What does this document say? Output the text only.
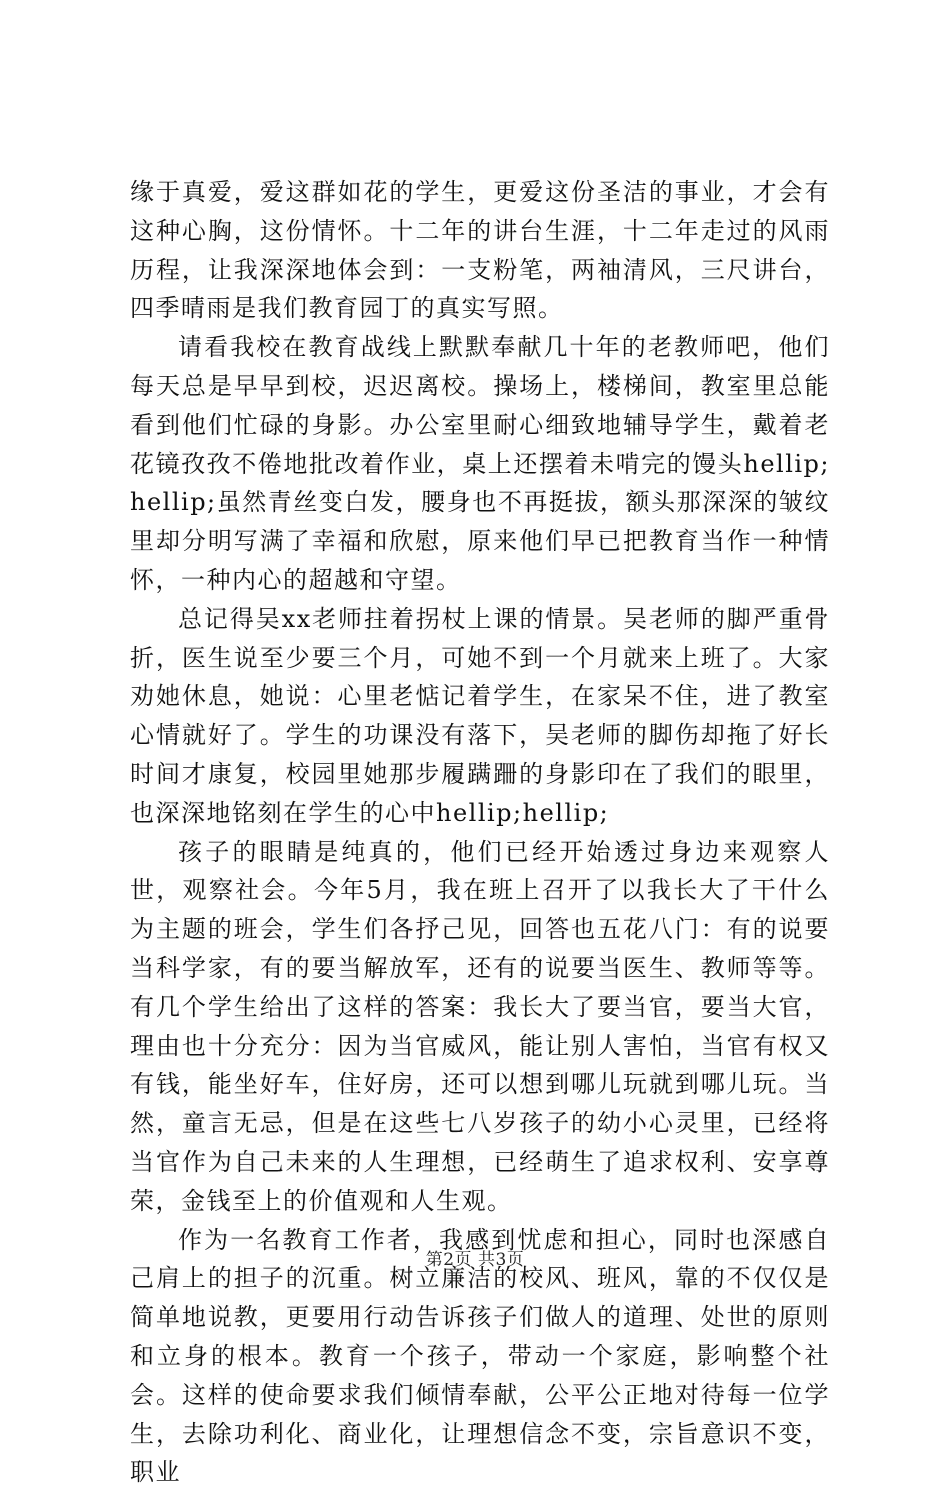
缘于真爱，爱这群如花的学生，更爱这份圣洁的事业，才会有这种心胸，这份情怀。十二年的讲台生涯，十二年走过的风雨历程，让我深深地体会到：一支粉笔，两袖清风，三尺讲台，四季晴雨是我们教育园丁的真实写照。

请看我校在教育战线上默默奉献几十年的老教师吧，他们每天总是早早到校，迟迟离校。操场上，楼梯间，教室里总能看到他们忙碌的身影。办公室里耐心细致地辅导学生，戴着老花镜孜孜不倦地批改着作业，桌上还摆着未啃完的馒头hellip;hellip;虽然青丝变白发，腰身也不再挺拔，额头那深深的皱纹里却分明写满了幸福和欣慰，原来他们早已把教育当作一种情怀，一种内心的超越和守望。

总记得吴xx老师拄着拐杖上课的情景。吴老师的脚严重骨折，医生说至少要三个月，可她不到一个月就来上班了。大家劝她休息，她说：心里老惦记着学生，在家呆不住，进了教室心情就好了。学生的功课没有落下，吴老师的脚伤却拖了好长时间才康复，校园里她那步履蹒跚的身影印在了我们的眼里，也深深地铭刻在学生的心中hellip;hellip;

孩子的眼睛是纯真的，他们已经开始透过身边来观察人世，观察社会。今年5月，我在班上召开了以我长大了干什么为主题的班会，学生们各抒己见，回答也五花八门：有的说要当科学家，有的要当解放军，还有的说要当医生、教师等等。有几个学生给出了这样的答案：我长大了要当官，要当大官，理由也十分充分：因为当官威风，能让别人害怕，当官有权又有钱，能坐好车，住好房，还可以想到哪儿玩就到哪儿玩。当然，童言无忌，但是在这些七八岁孩子的幼小心灵里，已经将当官作为自己未来的人生理想，已经萌生了追求权利、安享尊荣，金钱至上的价值观和人生观。

作为一名教育工作者，我感到忧虑和担心，同时也深感自己肩上的担子的沉重。树立廉洁的校风、班风，靠的不仅仅是简单地说教，更要用行动告诉孩子们做人的道理、处世的原则和立身的根本。教育一个孩子，带动一个家庭，影响整个社会。这样的使命要求我们倾情奉献，公平公正地对待每一位学生，去除功利化、商业化，让理想信念不变，宗旨意识不变，职业

第2页 共3页
